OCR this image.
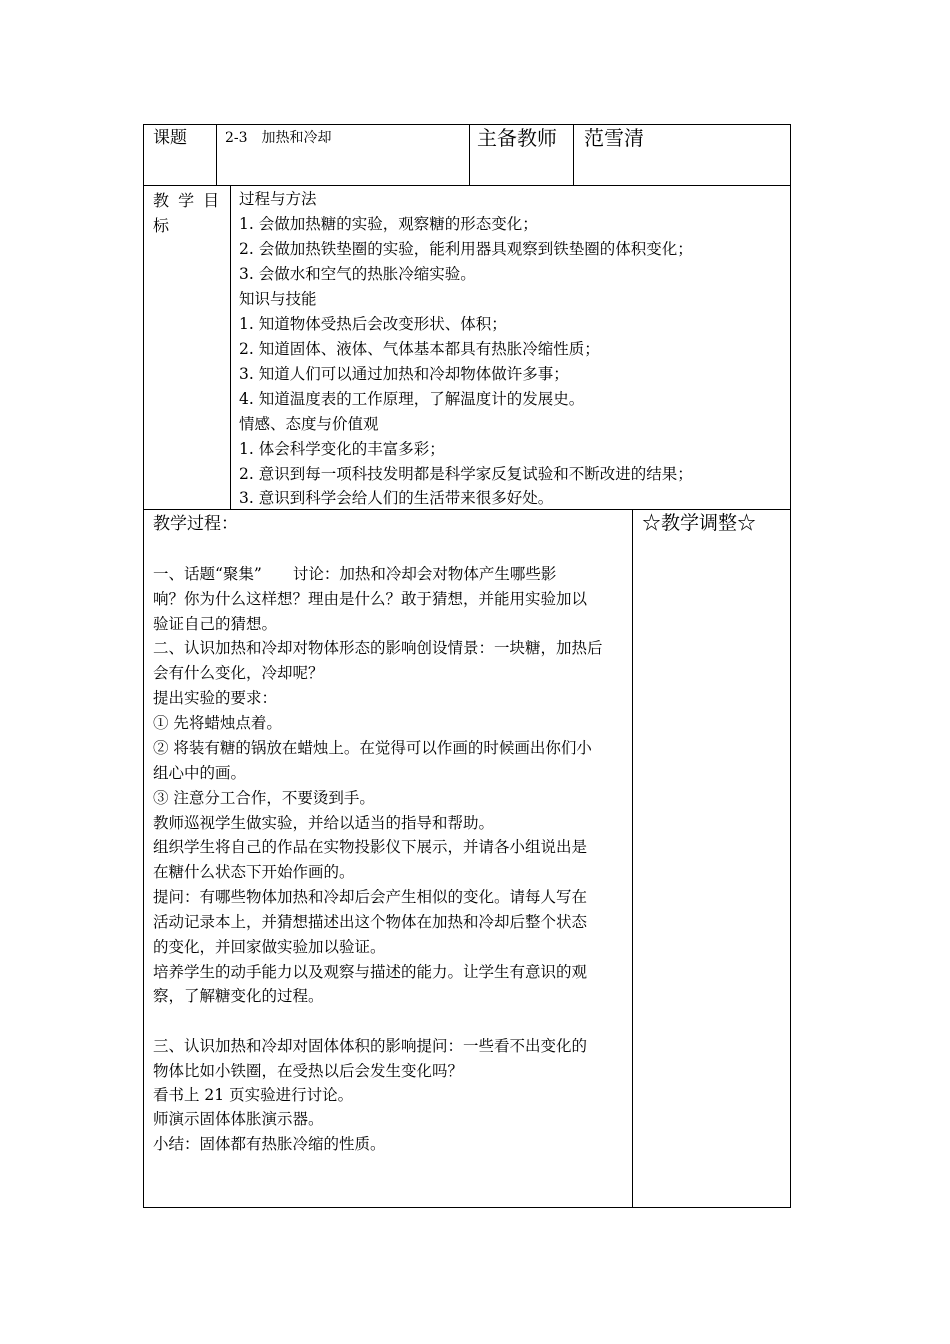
课题	2-3　加热和冷却	主备教师 范雪清
教 学 目 标
过程与方法
1. 会做加热糖的实验，观察糖的形态变化；
2. 会做加热铁垫圈的实验，能利用器具观察到铁垫圈的体积变化；
3. 会做水和空气的热胀冷缩实验。
知识与技能
1. 知道物体受热后会改变形状、体积；
2. 知道固体、液体、气体基本都具有热胀冷缩性质；
3. 知道人们可以通过加热和冷却物体做许多事；
4. 知道温度表的工作原理，了解温度计的发展史。
情感、态度与价值观
1. 体会科学变化的丰富多彩；
2. 意识到每一项科技发明都是科学家反复试验和不断改进的结果；
3. 意识到科学会给人们的生活带来很多好处。
教学过程：	☆教学调整☆
一、话题“聚集”　　讨论：加热和冷却会对物体产生哪些影
响？你为什么这样想？理由是什么？敢于猜想，并能用实验加以
验证自己的猜想。
二、认识加热和冷却对物体形态的影响创设情景：一块糖，加热后
会有什么变化，冷却呢？
提出实验的要求：
① 先将蜡烛点着。
② 将装有糖的锅放在蜡烛上。在觉得可以作画的时候画出你们小
组心中的画。
③ 注意分工合作，不要烫到手。
教师巡视学生做实验，并给以适当的指导和帮助。
组织学生将自己的作品在实物投影仪下展示，并请各小组说出是
在糖什么状态下开始作画的。
提问：有哪些物体加热和冷却后会产生相似的变化。请每人写在
活动记录本上，并猜想描述出这个物体在加热和冷却后整个状态
的变化，并回家做实验加以验证。
培养学生的动手能力以及观察与描述的能力。让学生有意识的观
察，了解糖变化的过程。
三、认识加热和冷却对固体体积的影响提问：一些看不出变化的
物体比如小铁圈，在受热以后会发生变化吗？
看书上 21 页实验进行讨论。
师演示固体体胀演示器。
小结：固体都有热胀冷缩的性质。
